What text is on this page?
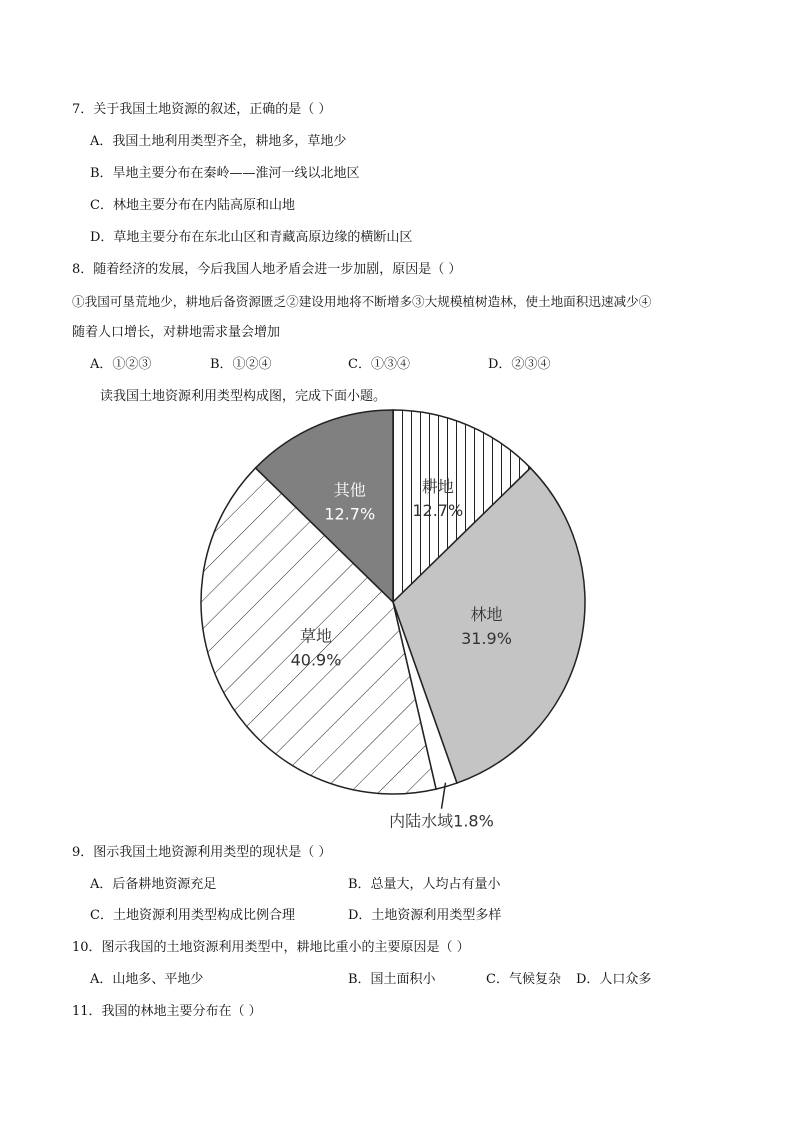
7．关于我国土地资源的叙述，正确的是（ ）
A．我国土地利用类型齐全，耕地多，草地少
B．旱地主要分布在秦岭——淮河一线以北地区
C．林地主要分布在内陆高原和山地
D．草地主要分布在东北山区和青藏高原边缘的横断山区
8．随着经济的发展，今后我国人地矛盾会进一步加剧，原因是（ ）
①我国可垦荒地少，耕地后备资源匮乏②建设用地将不断增多③大规模植树造林，使土地面积迅速减少④
随着人口增长，对耕地需求量会增加
A．①②③	B．①②④	C．①③④	D．②③④
读我国土地资源利用类型构成图，完成下面小题。
耕地
12.7%
林地
31.9%
内陆水域1.8%
草地
40.9%
其他
12.7%
9．图示我国土地资源利用类型的现状是（ ）
A．后备耕地资源充足	B．总量大，人均占有量小
C．土地资源利用类型构成比例合理	D．土地资源利用类型多样
10．图示我国的土地资源利用类型中，耕地比重小的主要原因是（ ）
A．山地多、平地少	B．国土面积小	C．气候复杂 D．人口众多
11．我国的林地主要分布在（ ）
